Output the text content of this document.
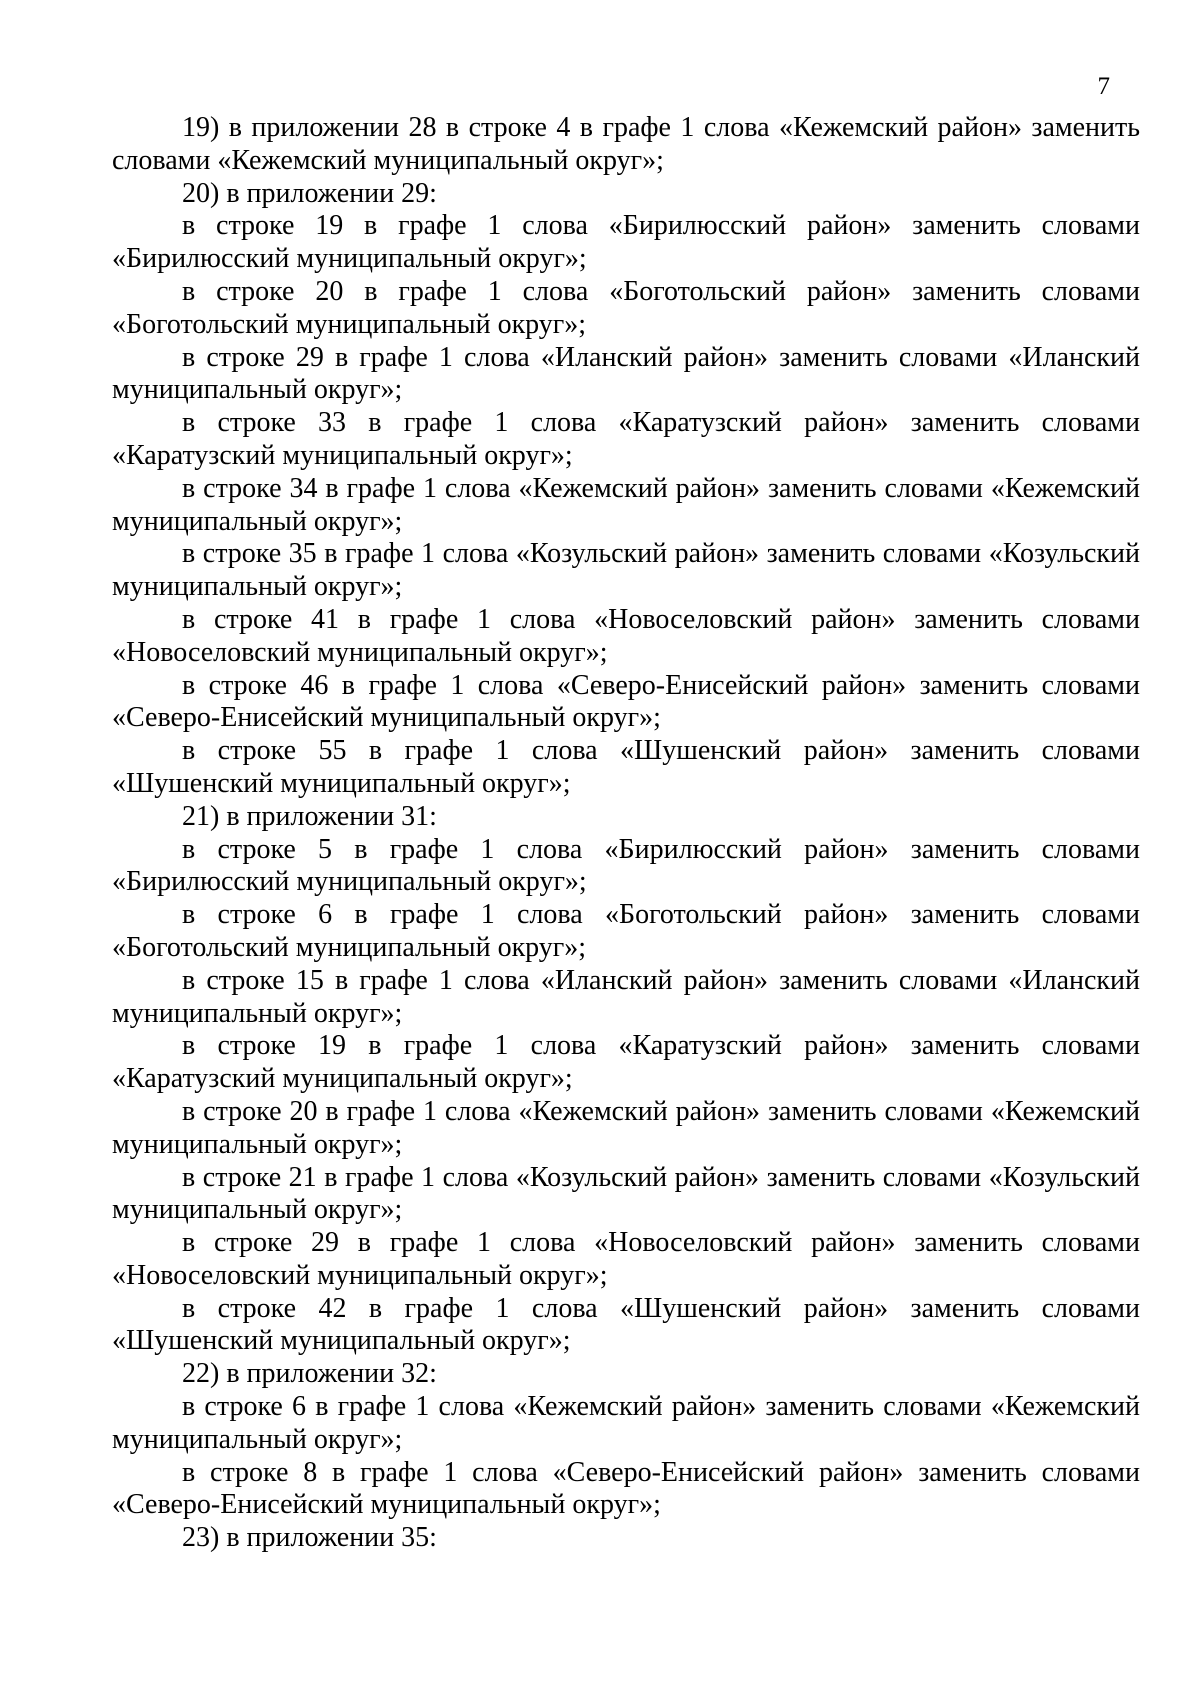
7

19) в приложении 28 в строке 4 в графе 1 слова «Кежемский район» заменить словами «Кежемский муниципальный округ»;

20) в приложении 29:

в строке 19 в графе 1 слова «Бирилюсский район» заменить словами «Бирилюсский муниципальный округ»;

в строке 20 в графе 1 слова «Боготольский район» заменить словами «Боготольский муниципальный округ»;

в строке 29 в графе 1 слова «Иланский район» заменить словами «Иланский муниципальный округ»;

в строке 33 в графе 1 слова «Каратузский район» заменить словами «Каратузский муниципальный округ»;

в строке 34 в графе 1 слова «Кежемский район» заменить словами «Кежемский муниципальный округ»;

в строке 35 в графе 1 слова «Козульский район» заменить словами «Козульский муниципальный округ»;

в строке 41 в графе 1 слова «Новоселовский район» заменить словами «Новоселовский муниципальный округ»;

в строке 46 в графе 1 слова «Северо-Енисейский район» заменить словами «Северо-Енисейский муниципальный округ»;

в строке 55 в графе 1 слова «Шушенский район» заменить словами «Шушенский муниципальный округ»;

21) в приложении 31:

в строке 5 в графе 1 слова «Бирилюсский район» заменить словами «Бирилюсский муниципальный округ»;

в строке 6 в графе 1 слова «Боготольский район» заменить словами «Боготольский муниципальный округ»;

в строке 15 в графе 1 слова «Иланский район» заменить словами «Иланский муниципальный округ»;

в строке 19 в графе 1 слова «Каратузский район» заменить словами «Каратузский муниципальный округ»;

в строке 20 в графе 1 слова «Кежемский район» заменить словами «Кежемский муниципальный округ»;

в строке 21 в графе 1 слова «Козульский район» заменить словами «Козульский муниципальный округ»;

в строке 29 в графе 1 слова «Новоселовский район» заменить словами «Новоселовский муниципальный округ»;

в строке 42 в графе 1 слова «Шушенский район» заменить словами «Шушенский муниципальный округ»;

22) в приложении 32:

в строке 6 в графе 1 слова «Кежемский район» заменить словами «Кежемский муниципальный округ»;

в строке 8 в графе 1 слова «Северо-Енисейский район» заменить словами «Северо-Енисейский муниципальный округ»;

23) в приложении 35:
